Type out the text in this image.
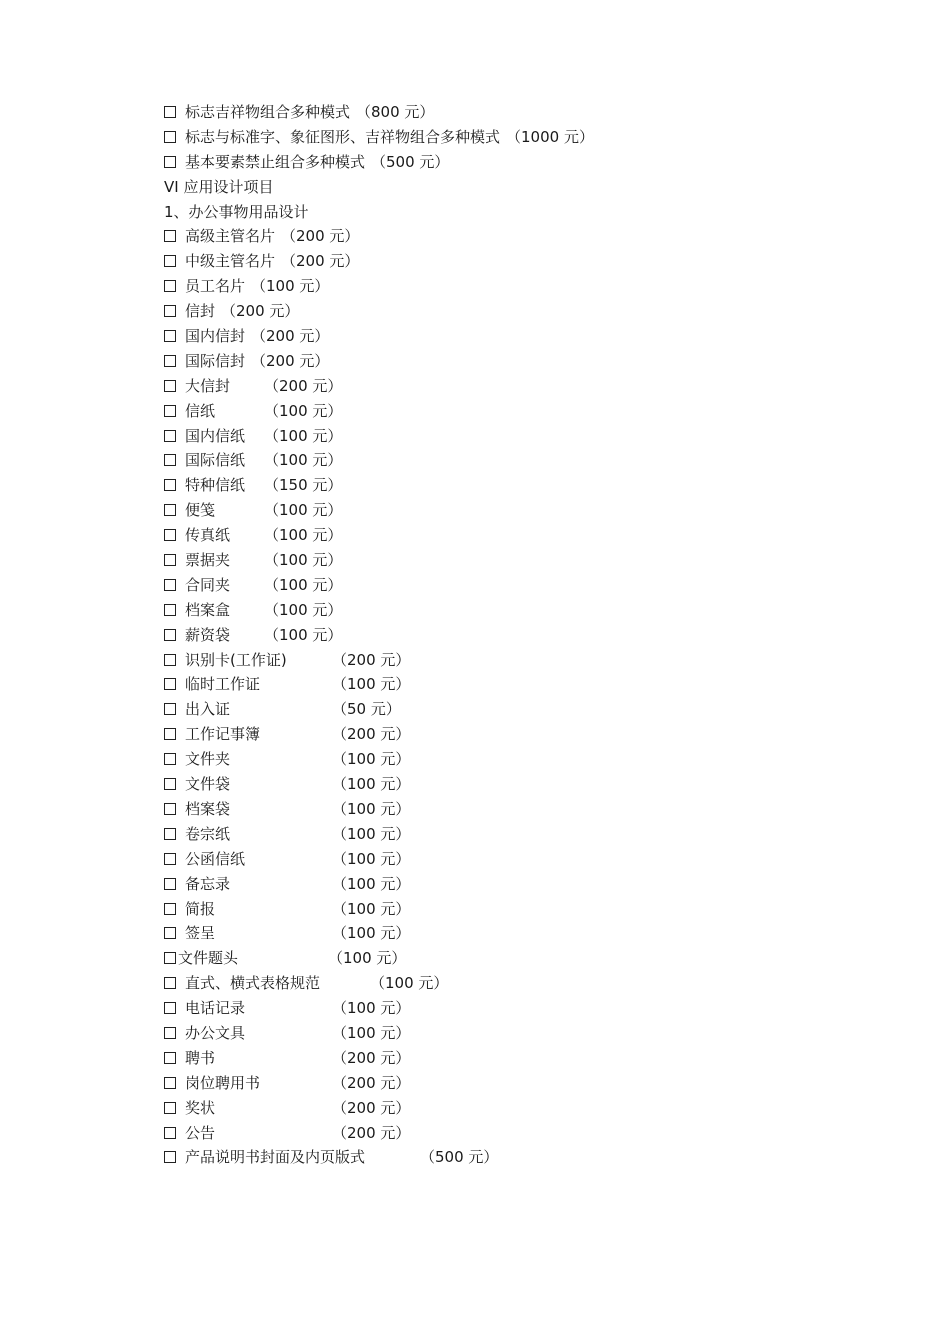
标志吉祥物组合多种模式 （800 元）
标志与标准字、象征图形、吉祥物组合多种模式 （1000 元）
基本要素禁止组合多种模式 （500 元）
VI 应用设计项目
1、办公事物用品设计
高级主管名片 （200 元）
中级主管名片 （200 元）
员工名片 （100 元）
信封 （200 元）
国内信封 （200 元）
国际信封 （200 元）
大信封 （200 元）
信纸	（100 元）
国内信纸 （100 元）
国际信纸 （100 元）
特种信纸 （150 元）
便笺	（100 元）
传真纸 （100 元）
票据夹 （100 元）
合同夹 （100 元）
档案盒 （100 元）
薪资袋 （100 元）
识别卡(工作证)	（200 元）
临时工作证	（100 元）
出入证	（50 元）
工作记事簿	（200 元）
文件夹	（100 元）
文件袋	（100 元）
档案袋	（100 元）
卷宗纸	（100 元）
公函信纸	（100 元）
备忘录	（100 元）
简报	（100 元）
签呈	（100 元）
文件题头	（100 元）
直式、横式表格规范	（100 元）
电话记录	（100 元）
办公文具	（100 元）
聘书	（200 元）
岗位聘用书	（200 元）
奖状	（200 元）
公告	（200 元）
产品说明书封面及内页版式	（500 元）
